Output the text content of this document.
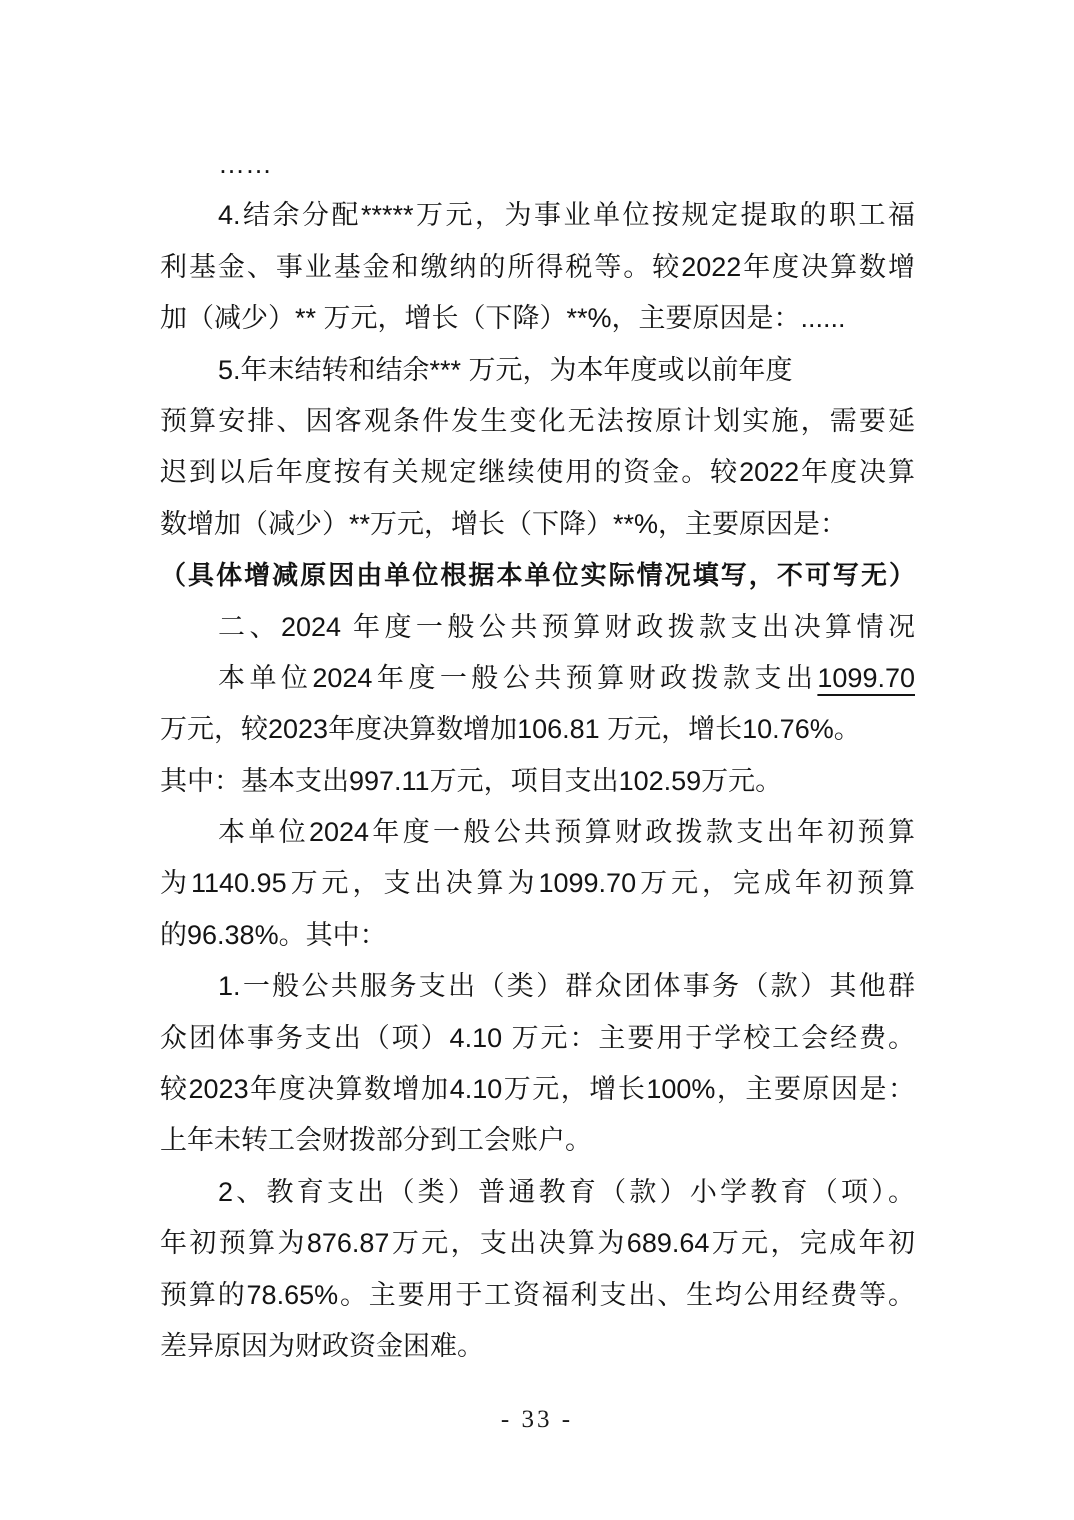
……
4.结余分配*****万元，为事业单位按规定提取的职工福
利基金、事业基金和缴纳的所得税等。较2022年度决算数增
加（减少）** 万元，增长（下降）**%，主要原因是：......
5.年末结转和结余*** 万元，为本年度或以前年度
预算安排、因客观条件发生变化无法按原计划实施，需要延
迟到以后年度按有关规定继续使用的资金。较2022年度决算
数增加（减少）**万元，增长（下降）**%，主要原因是：
（具体增减原因由单位根据本单位实际情况填写，不可写无）
二、2024 年度一般公共预算财政拨款支出决算情况
本单位2024年度一般公共预算财政拨款支出1099.70
万元，较2023年度决算数增加106.81 万元，增长10.76%。
其中：基本支出997.11万元，项目支出102.59万元。
本单位2024年度一般公共预算财政拨款支出年初预算
为1140.95万元，支出决算为1099.70万元，完成年初预算
的96.38%。其中：
1.一般公共服务支出（类）群众团体事务（款）其他群
众团体事务支出（项）4.10 万元：主要用于学校工会经费。
较2023年度决算数增加4.10万元，增长100%，主要原因是：
上年未转工会财拨部分到工会账户。
2、教育支出（类）普通教育（款）小学教育（项）。
年初预算为876.87万元，支出决算为689.64万元，完成年初
预算的78.65%。主要用于工资福利支出、生均公用经费等。
差异原因为财政资金困难。
- 33 -
